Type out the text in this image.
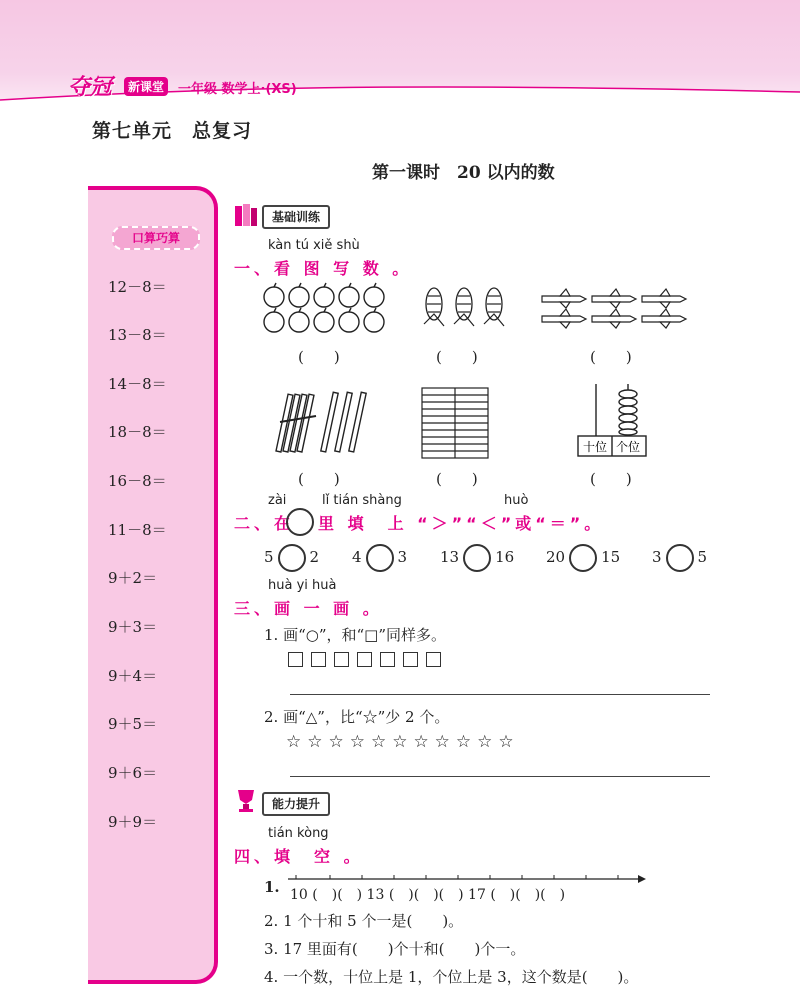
夺冠	新课堂	一年级 数学上·(XS)
第七单元　总复习
第一课时　20 以内的数
口算巧算
12－8＝
13－8＝
14－8＝
18－8＝
16－8＝
11－8＝
9＋2＝
9＋3＝
9＋4＝
9＋5＝
9＋6＝
9＋9＝
基础训练
kàn tú xiě shù
一、看 图 写 数 。
(　　)	(　　)	(　　)
十位 个位
(　　)	(　　)	(　　)
zài	lǐ tián shàng	huò
二、在 里 填　上 “＞”“＜”或“＝”。
5 2 4 3 13 16 20 15 3 5
huà yi huà
三、画 一 画 。
1. 画“○”，和“□”同样多。
2. 画“△”，比“☆”少 2 个。
☆☆☆☆☆☆☆☆☆☆☆
能力提升
tián kòng
四、填　空 。
1. 10 (　)(　) 13 (　)(　)(　) 17 (　)(　)(　)
2. 1 个十和 5 个一是(　　)。
3. 17 里面有(　　)个十和(　　)个一。
4. 一个数，十位上是 1，个位上是 3，这个数是(　　)。
